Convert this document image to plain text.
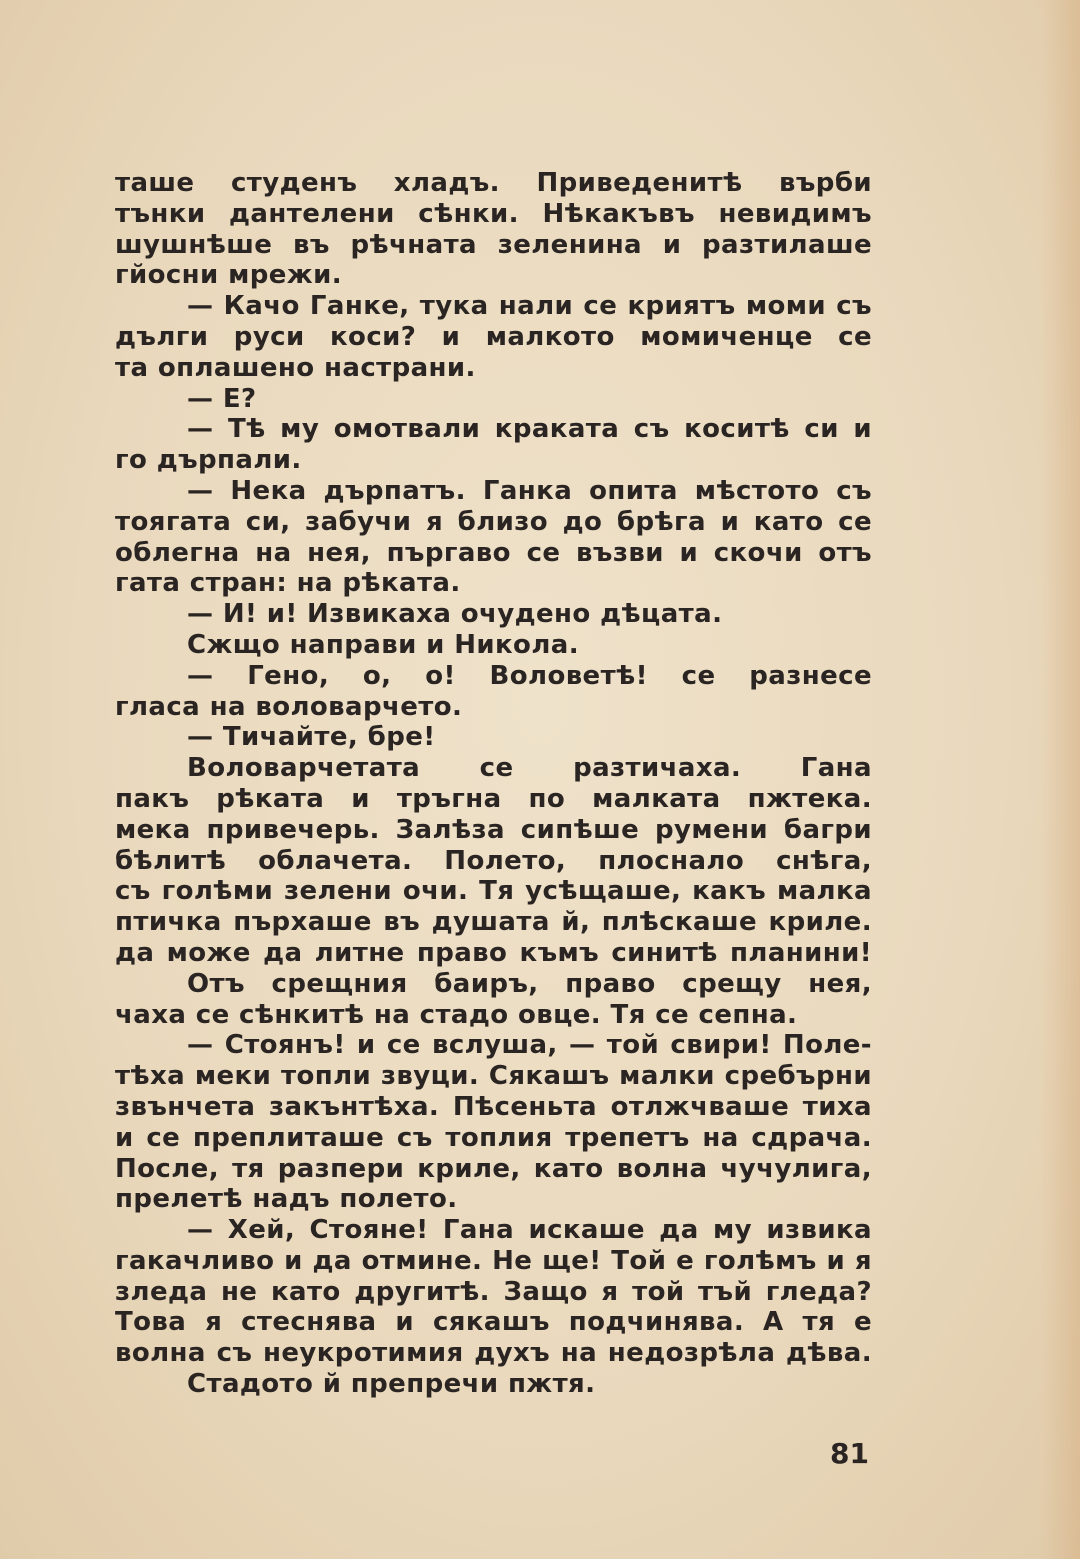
таше студенъ хладъ. Приведенитѣ върби
тънки дантелени сѣнки. Нѣкакъвъ невидимъ
шушнѣше въ рѣчната зеленина и разтилаше
гйосни мрежи.
— Качо Ганке, тука нали се криятъ моми съ
дълги руси коси? и малкото момиченце се
та оплашено настрани.
— Е?
— Тѣ му омотвали краката съ коситѣ си и
го дърпали.
— Нека дърпатъ. Ганка опита мѣстото съ
тоягата си, забучи я близо до брѣга и като се
облегна на нея, пъргаво се възви и скочи отъ
гата стран: на рѣката.
— И! и! Извикаха очудено дѣцата.
Сжщо направи и Никола.
— Гено, о, о! Воловетѣ! се разнесе
гласа на воловарчето.
— Тичайте, бре!
Воловарчетата се разтичаха. Гана
пакъ рѣката и тръгна по малката пжтека.
мека привечерь. Залѣза сипѣше румени багри
бѣлитѣ облачета. Полето, плоснало снѣга,
съ голѣми зелени очи. Тя усѣщаше, какъ малка
птичка пърхаше въ душата й, плѣскаше криле.
да може да литне право къмъ синитѣ планини!
Отъ срещния баиръ, право срещу нея,
чаха се сѣнкитѣ на стадо овце. Тя се сепна.
— Стоянъ! и се вслуша, — той свири! Поле-
тѣха меки топли звуци. Сякашъ малки сребърни
звънчета закънтѣха. Пѣсеньта отлжчваше тиха
и се преплиташе съ топлия трепетъ на сдрача.
После, тя разпери криле, като волна чучулига,
прелетѣ надъ полето.
— Хей, Стояне! Гана искаше да му извика
гакачливо и да отмине. Не ще! Той е голѣмъ и я
зледа не като другитѣ. Защо я той тъй гледа?
Това я стеснява и сякашъ подчинява. А тя е
волна съ неукротимия духъ на недозрѣла дѣва.
Стадото й препречи пжтя.
81
